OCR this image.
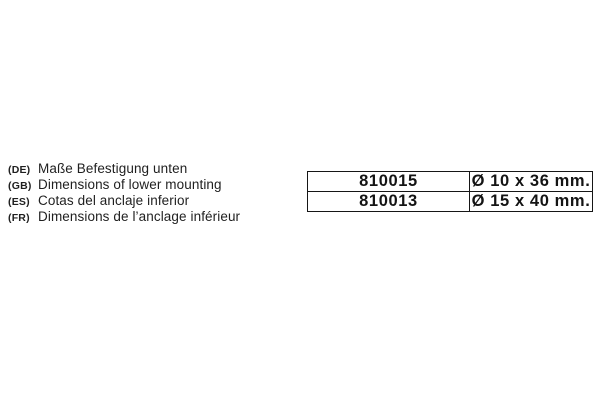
(DE) Maße Befestigung unten
(GB) Dimensions of lower mounting
(ES) Cotas del anclaje inferior
(FR) Dimensions de l’anclage inférieur
810015	Ø 10 x 36 mm.
810013	Ø 15 x 40 mm.
